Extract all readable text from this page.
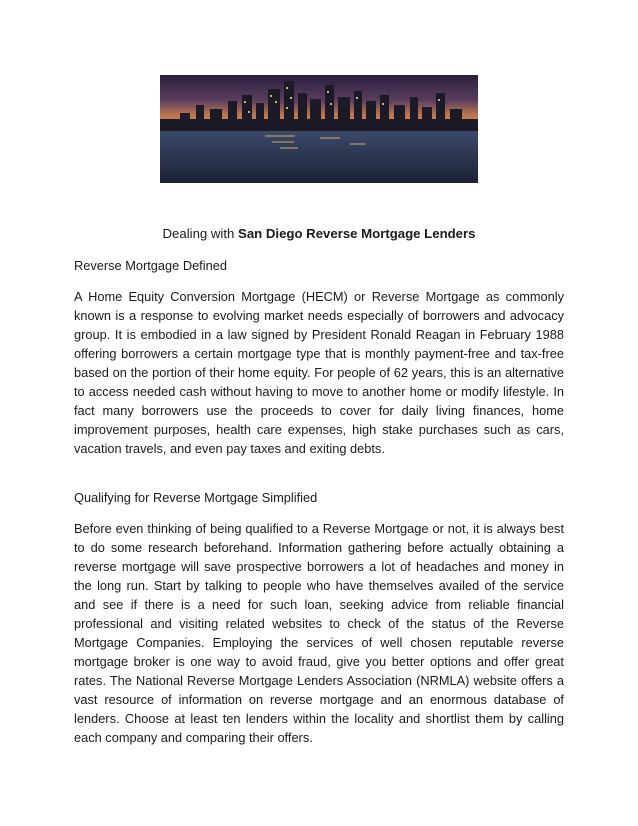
Dealing with San Diego Reverse Mortgage Lenders
Reverse Mortgage Defined

A Home Equity Conversion Mortgage (HECM) or Reverse Mortgage as commonly known is a response to evolving market needs especially of borrowers and advocacy group. It is embodied in a law signed by President Ronald Reagan in February 1988 offering borrowers a certain mortgage type that is monthly payment-free and tax-free based on the portion of their home equity. For people of 62 years, this is an alternative to access needed cash without having to move to another home or modify lifestyle. In fact many borrowers use the proceeds to cover for daily living finances, home improvement purposes, health care expenses, high stake purchases such as cars, vacation travels, and even pay taxes and exiting debts.

Qualifying for Reverse Mortgage Simplified

Before even thinking of being qualified to a Reverse Mortgage or not, it is always best to do some research beforehand. Information gathering before actually obtaining a reverse mortgage will save prospective borrowers a lot of headaches and money in the long run. Start by talking to people who have themselves availed of the service and see if there is a need for such loan, seeking advice from reliable financial professional and visiting related websites to check of the status of the Reverse Mortgage Companies. Employing the services of well chosen reputable reverse mortgage broker is one way to avoid fraud, give you better options and offer great rates. The National Reverse Mortgage Lenders Association (NRMLA) website offers a vast resource of information on reverse mortgage and an enormous database of lenders. Choose at least ten lenders within the locality and shortlist them by calling each company and comparing their offers.
